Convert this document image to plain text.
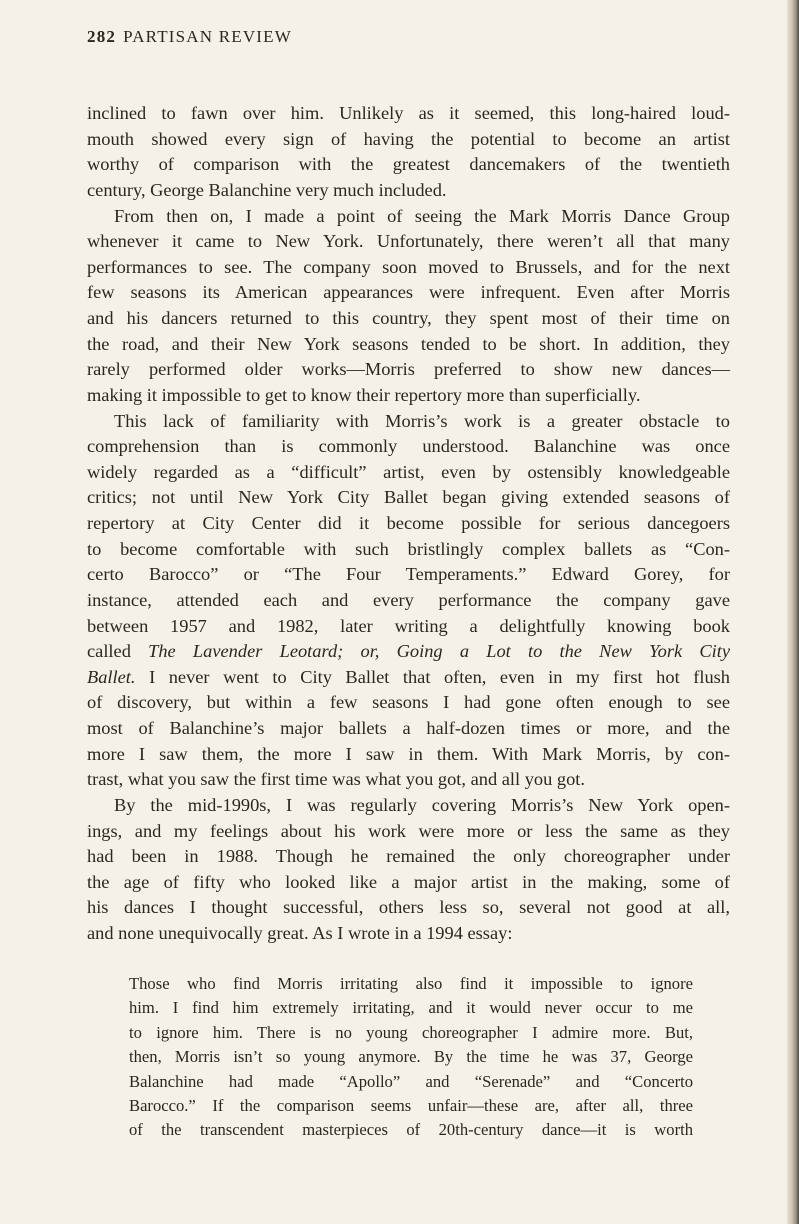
282 PARTISAN REVIEW
inclined to fawn over him. Unlikely as it seemed, this long-haired loud-
mouth showed every sign of having the potential to become an artist
worthy of comparison with the greatest dancemakers of the twentieth
century, George Balanchine very much included.
From then on, I made a point of seeing the Mark Morris Dance Group
whenever it came to New York. Unfortunately, there weren’t all that many
performances to see. The company soon moved to Brussels, and for the next
few seasons its American appearances were infrequent. Even after Morris
and his dancers returned to this country, they spent most of their time on
the road, and their New York seasons tended to be short. In addition, they
rarely performed older works—Morris preferred to show new dances—
making it impossible to get to know their repertory more than superficially.
This lack of familiarity with Morris’s work is a greater obstacle to
comprehension than is commonly understood. Balanchine was once
widely regarded as a “difficult” artist, even by ostensibly knowledgeable
critics; not until New York City Ballet began giving extended seasons of
repertory at City Center did it become possible for serious dancegoers
to become comfortable with such bristlingly complex ballets as “Con-
certo Barocco” or “The Four Temperaments.” Edward Gorey, for
instance, attended each and every performance the company gave
between 1957 and 1982, later writing a delightfully knowing book
called The Lavender Leotard; or, Going a Lot to the New York City
Ballet. I never went to City Ballet that often, even in my first hot flush
of discovery, but within a few seasons I had gone often enough to see
most of Balanchine’s major ballets a half-dozen times or more, and the
more I saw them, the more I saw in them. With Mark Morris, by con-
trast, what you saw the first time was what you got, and all you got.
By the mid-1990s, I was regularly covering Morris’s New York open-
ings, and my feelings about his work were more or less the same as they
had been in 1988. Though he remained the only choreographer under
the age of fifty who looked like a major artist in the making, some of
his dances I thought successful, others less so, several not good at all,
and none unequivocally great. As I wrote in a 1994 essay:
Those who find Morris irritating also find it impossible to ignore
him. I find him extremely irritating, and it would never occur to me
to ignore him. There is no young choreographer I admire more. But,
then, Morris isn’t so young anymore. By the time he was 37, George
Balanchine had made “Apollo” and “Serenade” and “Concerto
Barocco.” If the comparison seems unfair—these are, after all, three
of the transcendent masterpieces of 20th-century dance—it is worth
